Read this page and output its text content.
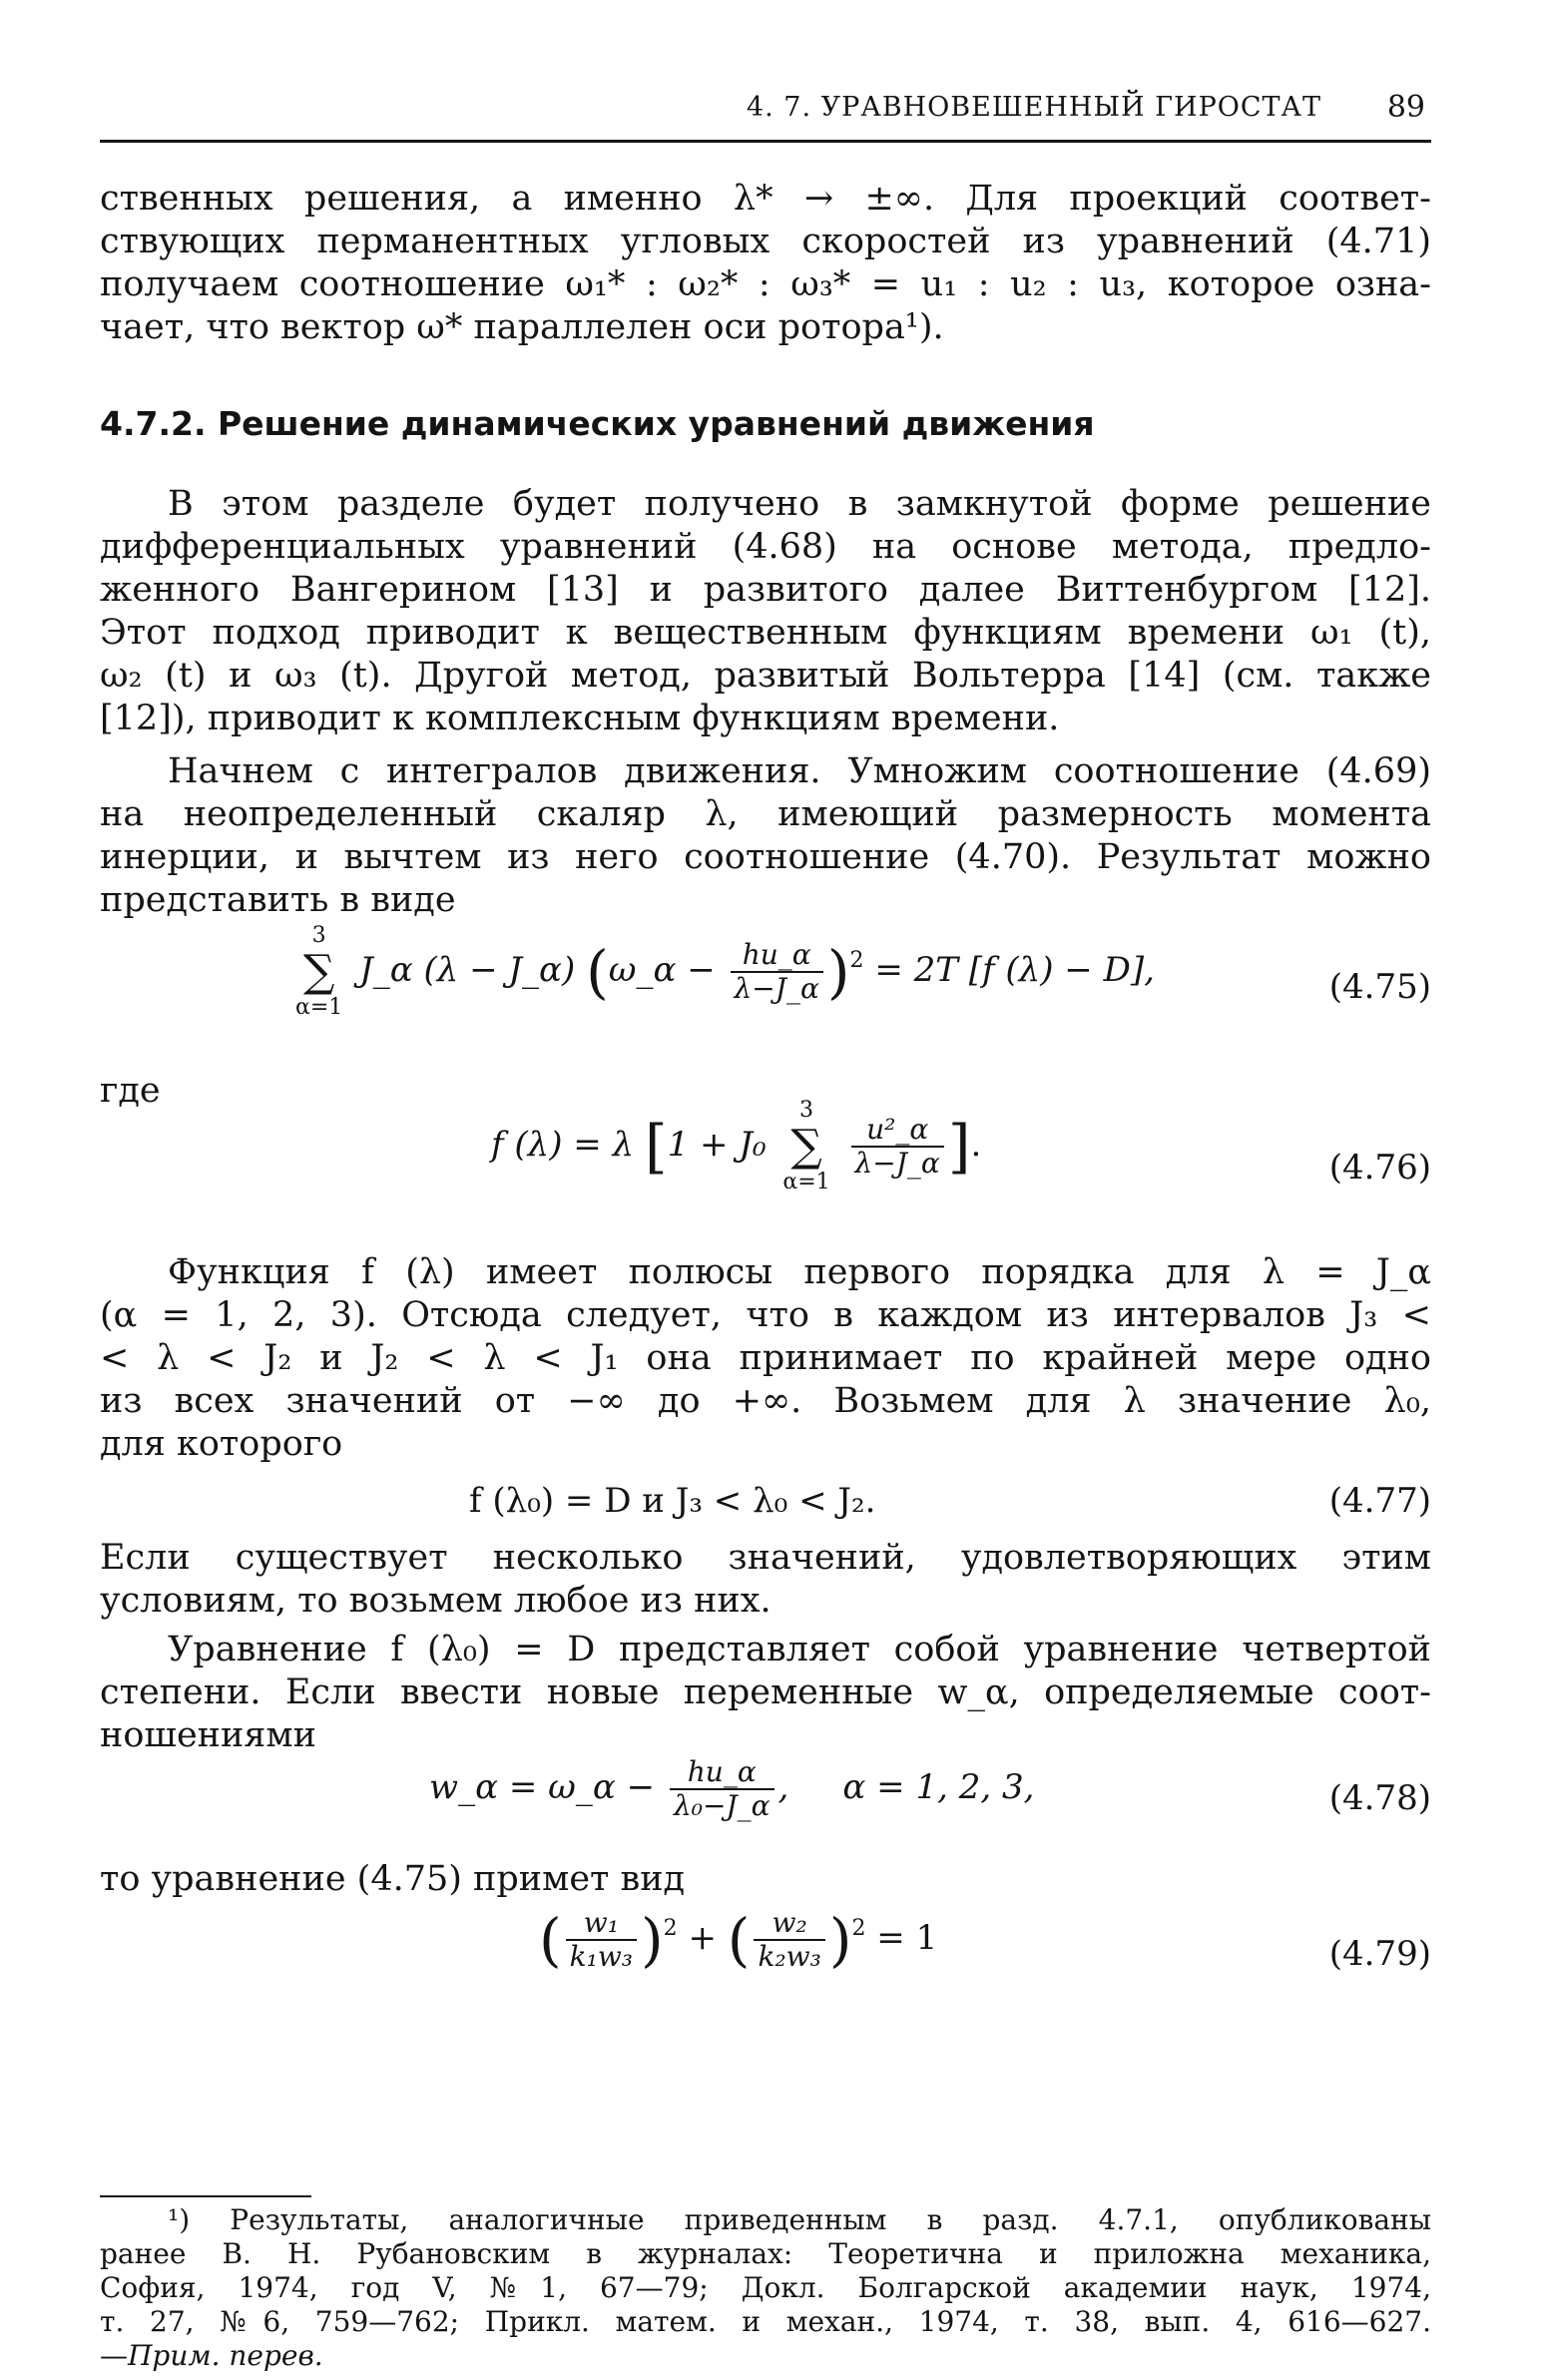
4. 7. УРАВНОВЕШЕННЫЙ ГИРОСТАТ 89
ственных решения, а именно λ* → ±∞. Для проекций соответ-
ствующих перманентных угловых скоростей из уравнений (4.71)
получаем соотношение ω₁* : ω₂* : ω₃* = u₁ : u₂ : u₃, которое озна-
чает, что вектор ω* параллелен оси ротора¹).
4.7.2. Решение динамических уравнений движения
В этом разделе будет получено в замкнутой форме решение
дифференциальных уравнений (4.68) на основе метода, предло-
женного Вангерином [13] и развитого далее Виттенбургом [12].
Этот подход приводит к вещественным функциям времени ω₁ (t),
ω₂ (t) и ω₃ (t). Другой метод, развитый Вольтерра [14] (см. также
[12]), приводит к комплексным функциям времени.
Начнем с интегралов движения. Умножим соотношение (4.69)
на неопределенный скаляр λ, имеющий размерность момента
инерции, и вычтем из него соотношение (4.70). Результат можно
представить в виде
3
∑
α=1
J_α (λ − J_α) (ω_α − $\frac{hu\_\alpha}{\lambda-J\_\alpha} )^2 = 2T$ [f (λ) − D],	(4.75)
где
f (λ) = λ [1 + J₀
3
∑
α=1

$\frac{\text{u²\_α}}{\lambda-J\_\alpha}$ ].
(4.76)
Функция f (λ) имеет полюсы первого порядка для λ = J_α
(α = 1, 2, 3). Отсюда следует, что в каждом из интервалов J₃ <
< λ < J₂ и J₂ < λ < J₁ она принимает по крайней мере одно
из всех значений от −∞ до +∞. Возьмем для λ значение λ₀,
для которого
f (λ₀) = D и J₃ < λ₀ < J₂.	(4.77)
Если существует несколько значений, удовлетворяющих этим
условиям, то возьмем любое из них.
Уравнение f (λ₀) = D представляет собой уравнение четвертой
степени. Если ввести новые переменные w_α, определяемые соот-
ношениями
w_α = ω_α − $\frac{hu\_\alpha}{\text{λ₀−J\_α}}$ ,     α = 1, 2, 3,	(4.78)
то уравнение (4.75) примет вид
( $\frac{\text{w₁}}{\text{k₁w₃}} )^2$ + ( $\frac{\text{w₂}}{\text{k₂w₃}} )^2 = 1$	(4.79)
¹) Результаты, аналогичные приведенным в разд. 4.7.1, опубликованы
ранее В. Н. Рубановским в журналах: Теоретична и приложна механика,
София, 1974, год V, №1, 67—79; Докл. Болгарской академии наук, 1974,
т. 27, №6, 759—762; Прикл. матем. и механ., 1974, т. 38, вып. 4, 616—627.
—Прим. перев.
